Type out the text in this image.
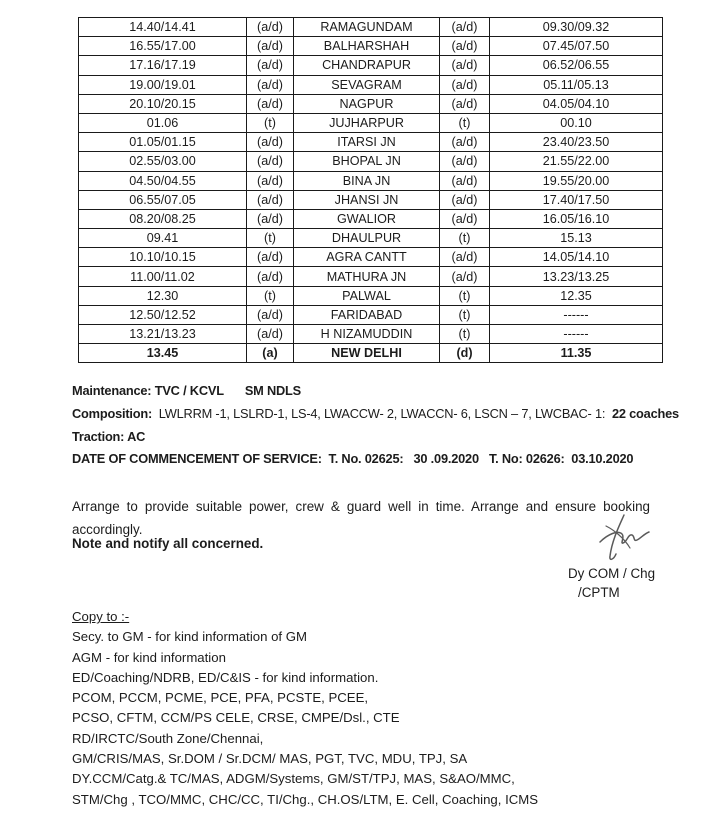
14.40/14.41	(a/d)	RAMAGUNDAM	(a/d)	09.30/09.32
16.55/17.00	(a/d)	BALHARSHAH	(a/d)	07.45/07.50
17.16/17.19	(a/d)	CHANDRAPUR	(a/d)	06.52/06.55
19.00/19.01	(a/d)	SEVAGRAM	(a/d)	05.11/05.13
20.10/20.15	(a/d)	NAGPUR	(a/d)	04.05/04.10
01.06	(t)	JUJHARPUR	(t)	00.10
01.05/01.15	(a/d)	ITARSI JN	(a/d)	23.40/23.50
02.55/03.00	(a/d)	BHOPAL JN	(a/d)	21.55/22.00
04.50/04.55	(a/d)	BINA JN	(a/d)	19.55/20.00
06.55/07.05	(a/d)	JHANSI JN	(a/d)	17.40/17.50
08.20/08.25	(a/d)	GWALIOR	(a/d)	16.05/16.10
09.41	(t)	DHAULPUR	(t)	15.13
10.10/10.15	(a/d)	AGRA CANTT	(a/d)	14.05/14.10
11.00/11.02	(a/d)	MATHURA JN	(a/d)	13.23/13.25
12.30	(t)	PALWAL	(t)	12.35
12.50/12.52	(a/d)	FARIDABAD	(t)	------
13.21/13.23	(a/d)	H NIZAMUDDIN	(t)	------
13.45	(a)	NEW DELHI	(d)	11.35
Maintenance: TVC / KCVL SM NDLS
Composition:  LWLRRM -1, LSLRD-1, LS-4, LWACCW- 2, LWACCN- 6, LSCN – 7, LWCBAC- 1:  22 coaches
Traction: AC
DATE OF COMMENCEMENT OF SERVICE:  T. No. 02625:   30 .09.2020   T. No: 02626:  03.10.2020
Arrange to provide suitable power, crew & guard well in time. Arrange and ensure booking
accordingly.
Note and notify all concerned.
Dy COM / Chg
/CPTM
Copy to :-
Secy. to GM - for kind information of GM
AGM - for kind information
ED/Coaching/NDRB, ED/C&IS - for kind information.
PCOM, PCCM, PCME, PCE, PFA, PCSTE, PCEE,
PCSO, CFTM, CCM/PS CELE, CRSE, CMPE/Dsl., CTE
RD/IRCTC/South Zone/Chennai,
GM/CRIS/MAS, Sr.DOM / Sr.DCM/ MAS, PGT, TVC, MDU, TPJ, SA
DY.CCM/Catg.& TC/MAS, ADGM/Systems, GM/ST/TPJ, MAS, S&AO/MMC,
STM/Chg , TCO/MMC, CHC/CC, TI/Chg., CH.OS/LTM, E. Cell, Coaching, ICMS
